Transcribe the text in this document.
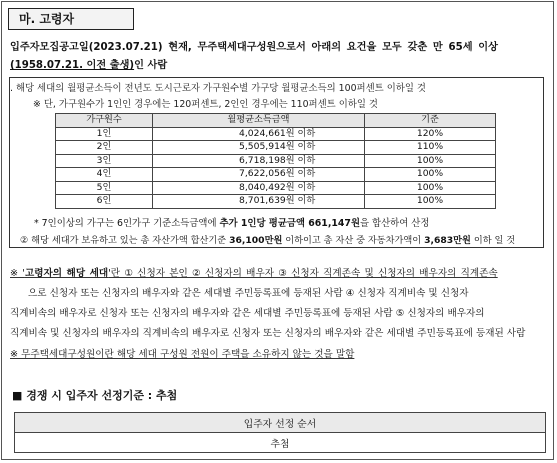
마. 고령자
입주자모집공고일(2023.07.21) 현재, 무주택세대구성원으로서 아래의 요건을 모두 갖춘 만 65세 이상
(1958.07.21. 이전 출생)인 사람
. 해당 세대의 월평균소득이 전년도 도시근로자 가구원수별 가구당 월평균소득의 100퍼센트 이하일 것
※ 단, 가구원수가 1인인 경우에는 120퍼센트, 2인인 경우에는 110퍼센트 이하일 것
가구원수	월평균소득금액	기준
1인	4,024,661원 이하	120%
2인	5,505,914원 이하	110%
3인	6,718,198원 이하	100%
4인	7,622,056원 이하	100%
5인	8,040,492원 이하	100%
6인	8,701,639원 이하	100%
* 7인이상의 가구는 6인가구 기준소득금액에 추가 1인당 평균금액 661,147원을 합산하여 산정
② 해당 세대가 보유하고 있는 총 자산가액 합산기준 36,100만원 이하이고 총 자산 중 자동차가액이 3,683만원 이하 일 것
※ '고령자의 해당 세대'란 ① 신청자 본인 ② 신청자의 배우자 ③ 신청자 직계존속 및 신청자의 배우자의 직계존속
으로 신청자 또는 신청자의 배우자와 같은 세대별 주민등록표에 등재된 사람 ④ 신청자 직계비속 및 신청자
직계비속의 배우자로 신청자 또는 신청자의 배우자와 같은 세대별 주민등록표에 등재된 사람 ⑤ 신청자의 배우자의
직계비속 및 신청자의 배우자의 직계비속의 배우자로 신청자 또는 신청자의 배우자와 같은 세대별 주민등록표에 등재된 사람
※ 무주택세대구성원이란 해당 세대 구성원 전원이 주택을 소유하지 않는 것을 말함
■ 경쟁 시 입주자 선정기준 : 추첨
입주자 선정 순서
추첨
